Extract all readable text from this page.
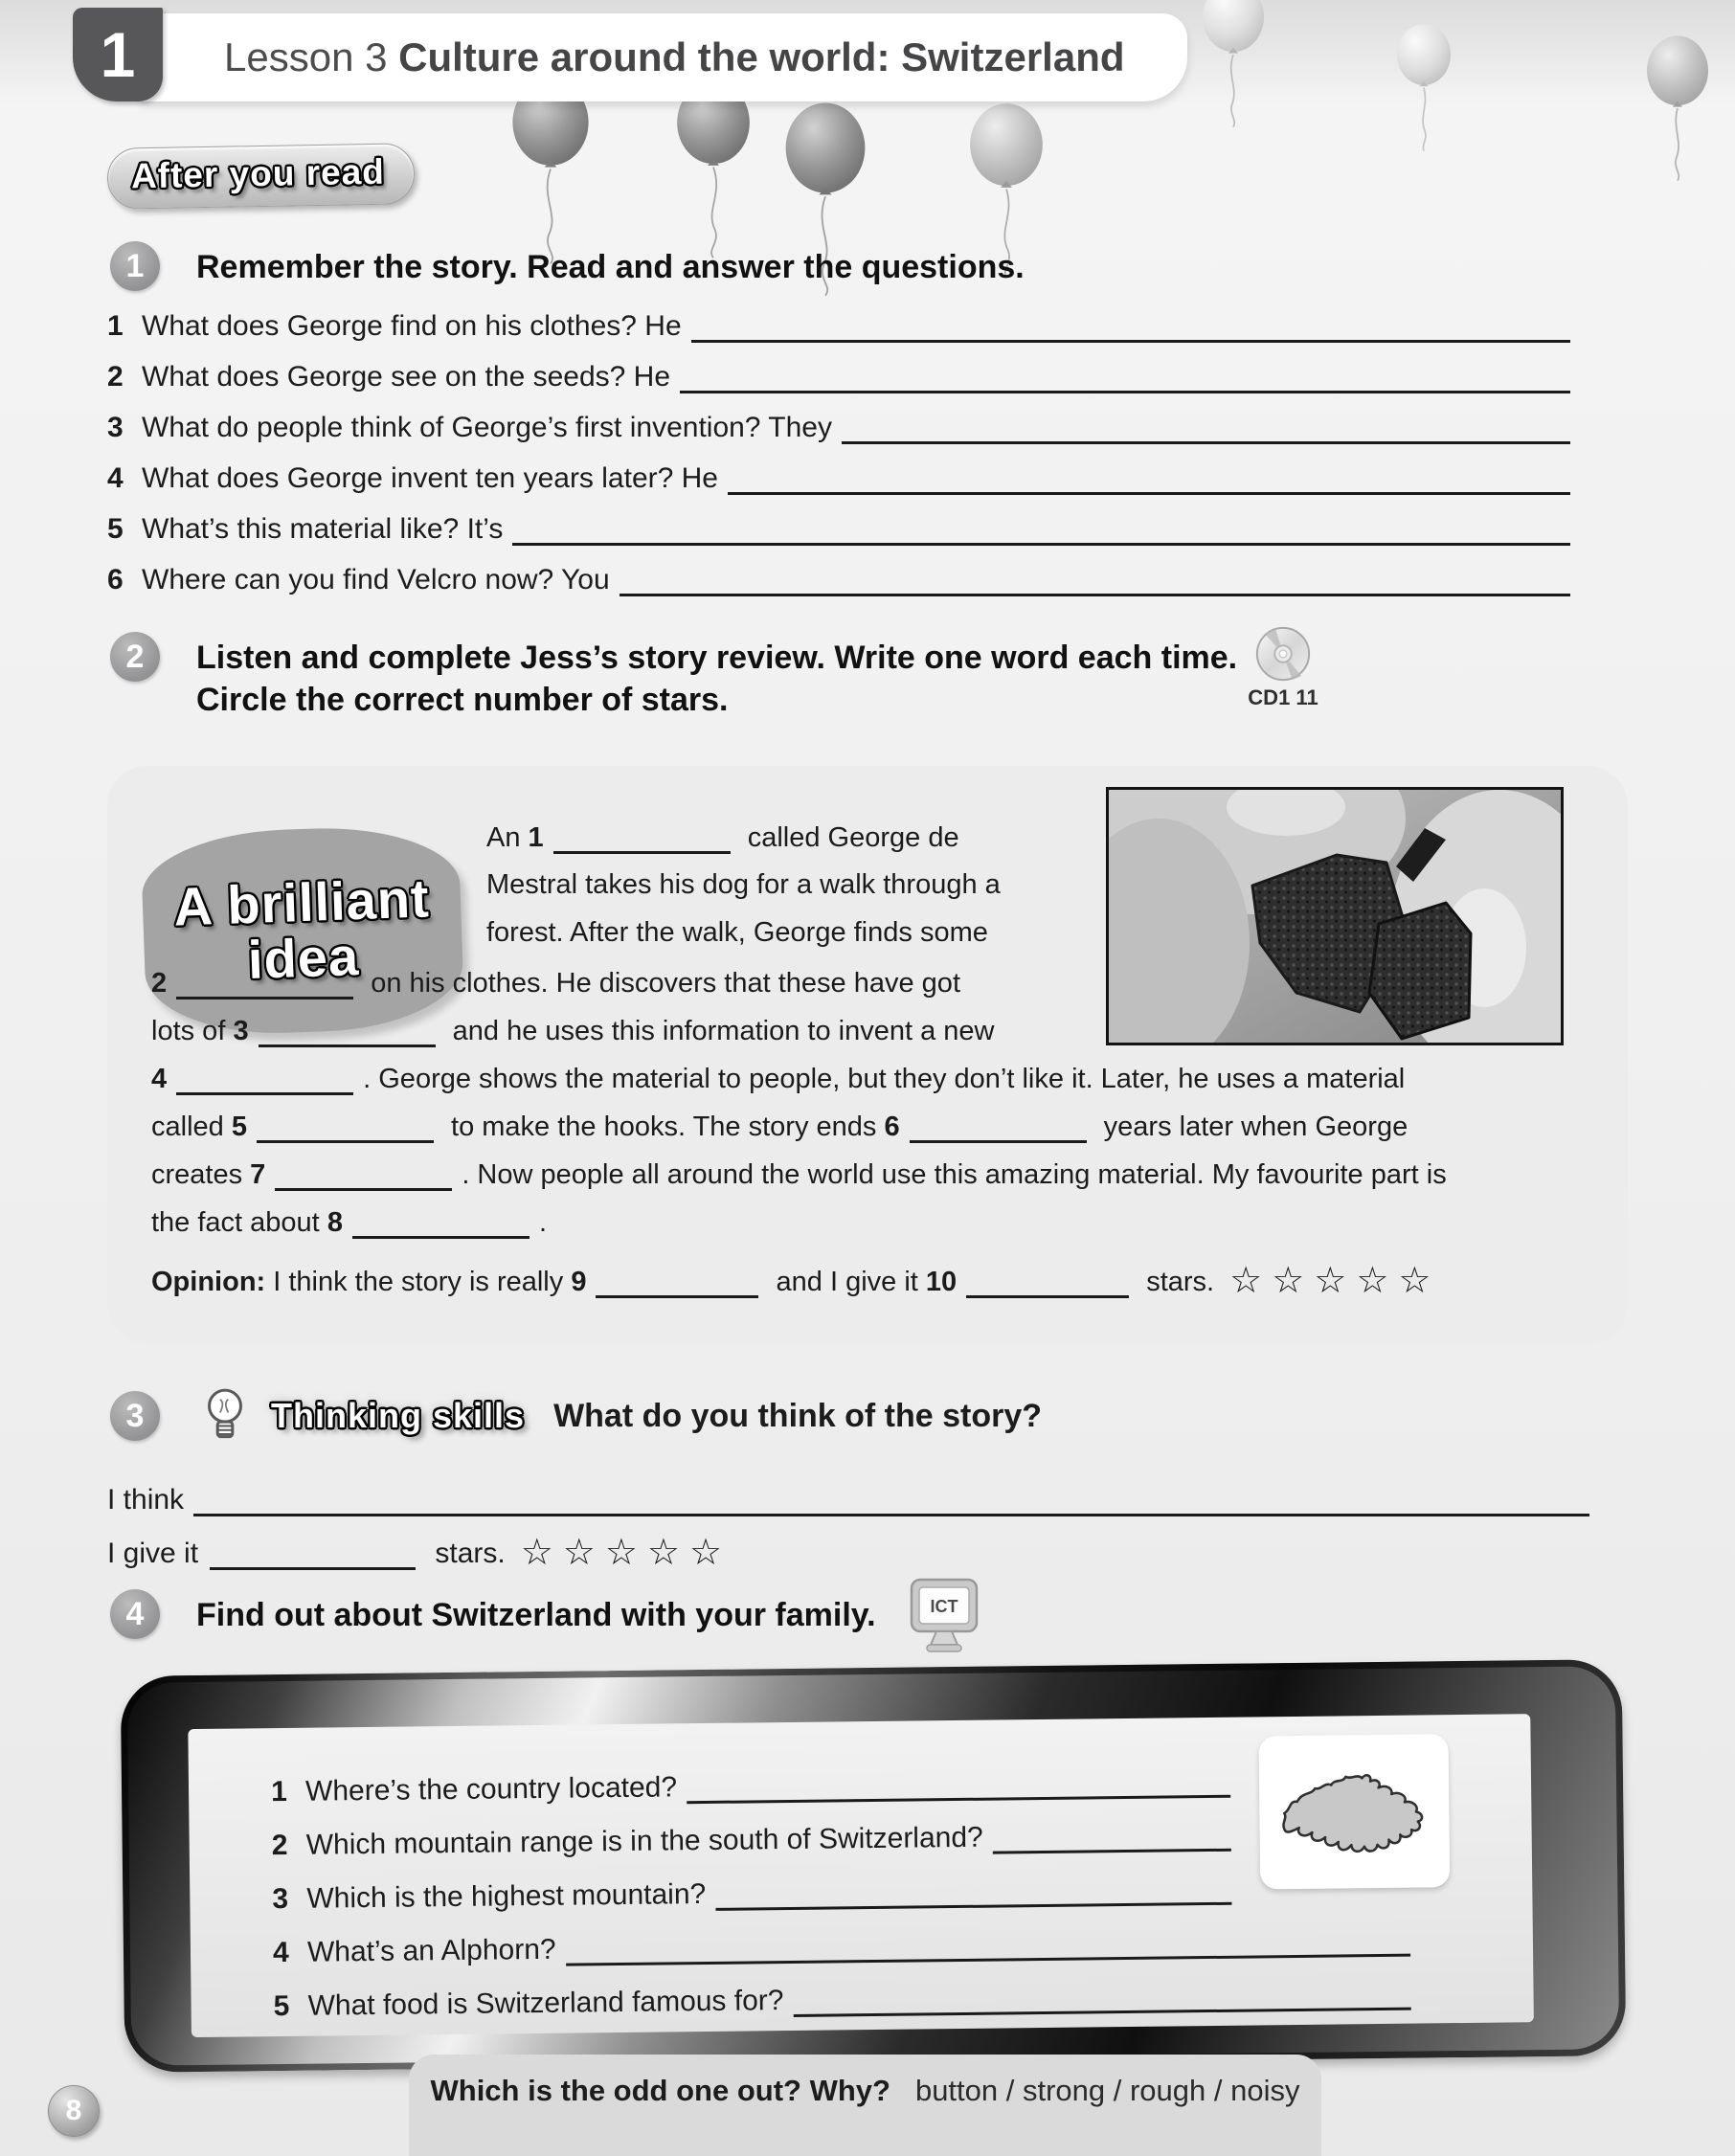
Lesson 3 Culture around the world: Switzerland
1
After you read
1	Remember the story. Read and answer the questions.
1 What does George find on his clothes? He
2 What does George see on the seeds? He
3 What do people think of George’s first invention? They
4 What does George invent ten years later? He
5 What’s this material like? It’s
6 Where can you find Velcro now? You
2	Listen and complete Jess’s story review. Write one word each time.
Circle the correct number of stars.	CD1 11
A brilliant
idea
An 1	called George de
Mestral takes his dog for a walk through a
forest. After the walk, George finds some
2	on his clothes. He discovers that these have got
lots of 3	and he uses this information to invent a new
4	. George shows the material to people, but they don’t like it. Later, he uses a material
called 5	to make the hooks. The story ends 6	years later when George
creates 7	. Now people all around the world use this amazing material. My favourite part is
the fact about 8	.
Opinion: I think the story is really 9	and I give it 10	stars. ☆☆☆☆☆
3	Thinking skills What do you think of the story?
I think
I give it	stars. ☆☆☆☆☆
4	Find out about Switzerland with your family.	ICT
1 Where’s the country located?
2 Which mountain range is in the south of Switzerland?
3 Which is the highest mountain?
4 What’s an Alphorn?
5 What food is Switzerland famous for?
Which is the odd one out? Why? button / strong / rough / noisy
8
